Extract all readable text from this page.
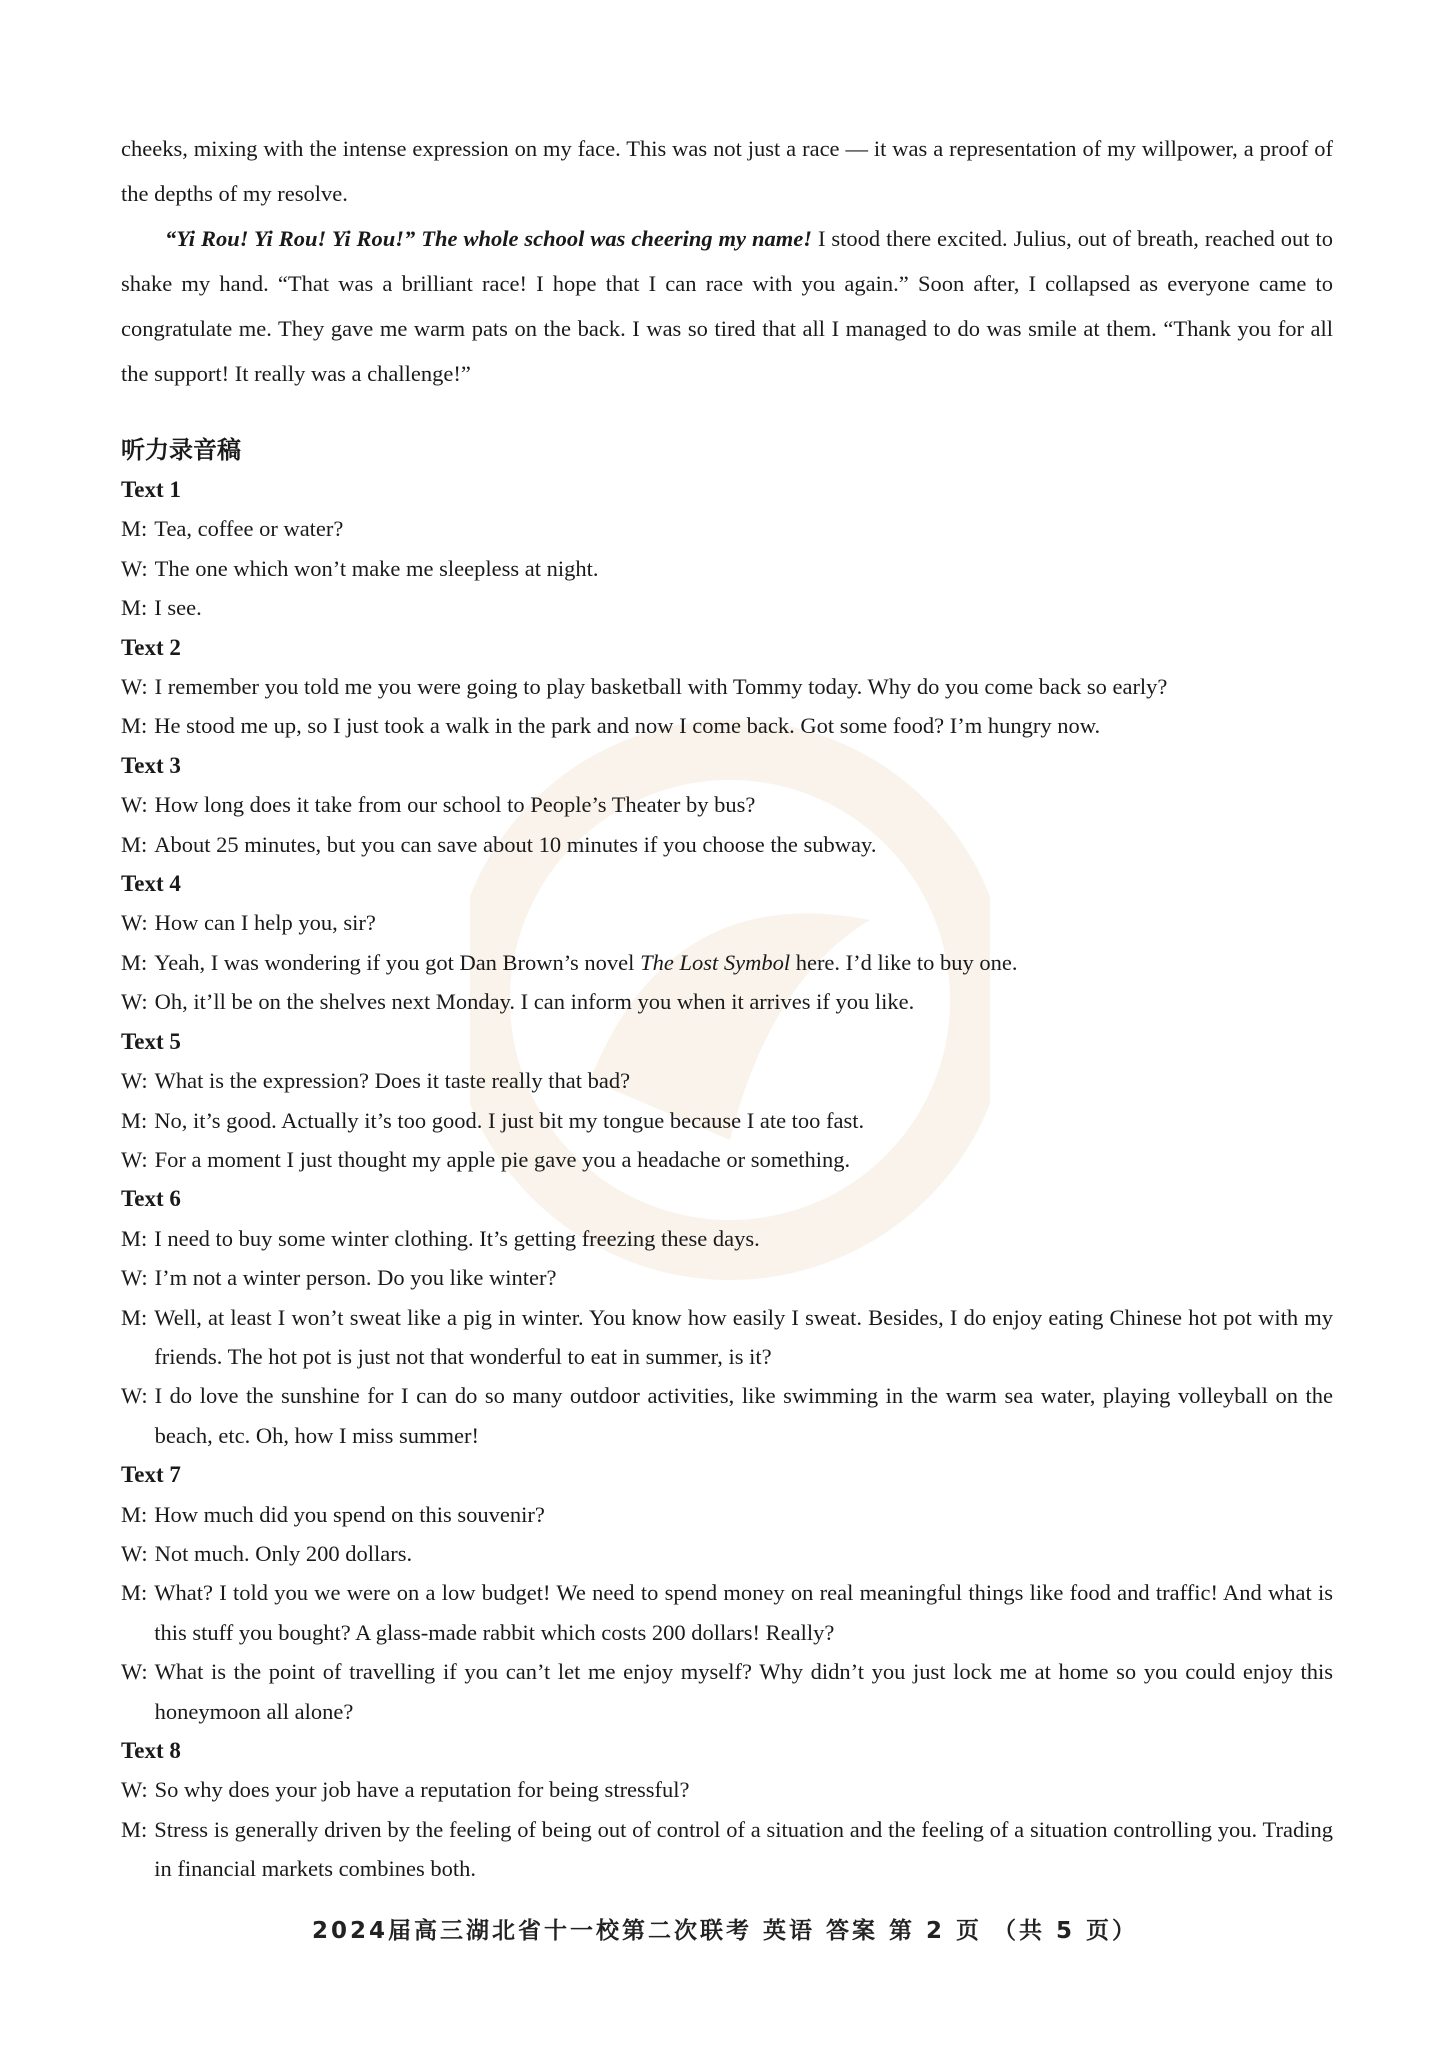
cheeks, mixing with the intense expression on my face. This was not just a race — it was a representation of my willpower, a proof of the depths of my resolve.

“Yi Rou! Yi Rou! Yi Rou!” The whole school was cheering my name! I stood there excited. Julius, out of breath, reached out to shake my hand. “That was a brilliant race! I hope that I can race with you again.” Soon after, I collapsed as everyone came to congratulate me. They gave me warm pats on the back. I was so tired that all I managed to do was smile at them. “Thank you for all the support! It really was a challenge!”

听力录音稿
Text 1
M: Tea, coffee or water?
W: The one which won’t make me sleepless at night.
M: I see.
Text 2
W: I remember you told me you were going to play basketball with Tommy today. Why do you come back so early?
M: He stood me up, so I just took a walk in the park and now I come back. Got some food? I’m hungry now.
Text 3
W: How long does it take from our school to People’s Theater by bus?
M: About 25 minutes, but you can save about 10 minutes if you choose the subway.
Text 4
W: How can I help you, sir?
M: Yeah, I was wondering if you got Dan Brown’s novel The Lost Symbol here. I’d like to buy one.
W: Oh, it’ll be on the shelves next Monday. I can inform you when it arrives if you like.
Text 5
W: What is the expression? Does it taste really that bad?
M: No, it’s good. Actually it’s too good. I just bit my tongue because I ate too fast.
W: For a moment I just thought my apple pie gave you a headache or something.
Text 6
M: I need to buy some winter clothing. It’s getting freezing these days.
W: I’m not a winter person. Do you like winter?
M: Well, at least I won’t sweat like a pig in winter. You know how easily I sweat. Besides, I do enjoy eating Chinese hot pot with my friends. The hot pot is just not that wonderful to eat in summer, is it?
W: I do love the sunshine for I can do so many outdoor activities, like swimming in the warm sea water, playing volleyball on the beach, etc. Oh, how I miss summer!
Text 7
M: How much did you spend on this souvenir?
W: Not much. Only 200 dollars.
M: What? I told you we were on a low budget! We need to spend money on real meaningful things like food and traffic! And what is this stuff you bought? A glass-made rabbit which costs 200 dollars! Really?
W: What is the point of travelling if you can’t let me enjoy myself? Why didn’t you just lock me at home so you could enjoy this honeymoon all alone?
Text 8
W: So why does your job have a reputation for being stressful?
M: Stress is generally driven by the feeling of being out of control of a situation and the feeling of a situation controlling you. Trading in financial markets combines both.
2024届高三湖北省十一校第二次联考 英语 答案 第 2 页 （共 5 页）
